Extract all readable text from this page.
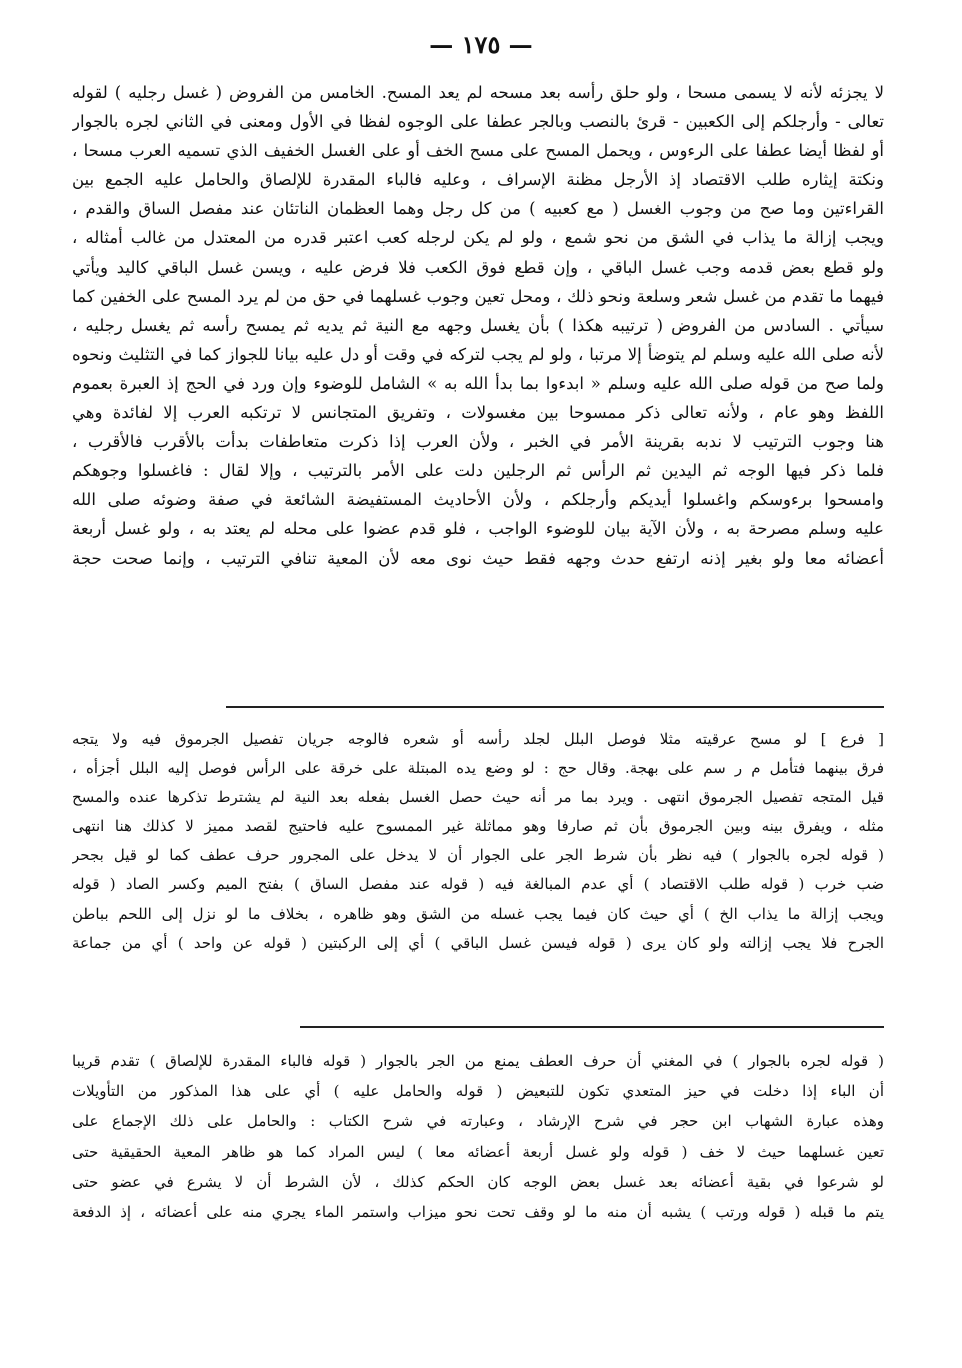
— ١٧٥ —
لا يجزئه لأنه لا يسمى مسحا ، ولو حلق رأسه بعد مسحه لم يعد المسح. الخامس من الفروض ( غسل رجليه ) لقوله
تعالى - وأرجلكم إلى الكعبين - قرئ بالنصب وبالجر عطفا على الوجوه لفظا في الأول ومعنى في الثاني لجره بالجوار
أو لفظا أيضا عطفا على الرءوس ، ويحمل المسح على مسح الخف أو على الغسل الخفيف الذي تسميه العرب مسحا ،
ونكتة إيثاره طلب الاقتصاد إذ الأرجل مظنة الإسراف ، وعليه فالباء المقدرة للإلصاق والحامل عليه الجمع بين
القراءتين وما صح من وجوب الغسل ( مع كعبيه ) من كل رجل وهما العظمان الناتئان عند مفصل الساق والقدم ،
ويجب إزالة ما يذاب في الشق من نحو شمع ، ولو لم يكن لرجله كعب اعتبر قدره من المعتدل من غالب أمثاله ،
ولو قطع بعض قدمه وجب غسل الباقي ، وإن قطع فوق الكعب فلا فرض عليه ، ويسن غسل الباقي كاليد ويأتي
فيهما ما تقدم من غسل شعر وسلعة ونحو ذلك ، ومحل تعين وجوب غسلهما في حق من لم يرد المسح على الخفين كما
سيأتي . السادس من الفروض ( ترتيبه هكذا ) بأن يغسل وجهه مع النية ثم يديه ثم يمسح رأسه ثم يغسل رجليه ،
لأنه صلى الله عليه وسلم لم يتوضأ إلا مرتبا ، ولو لم يجب لتركه في وقت أو دل عليه بيانا للجواز كما في التثليث ونحوه
ولما صح من قوله صلى الله عليه وسلم « ابدءوا بما بدأ الله به » الشامل للوضوء وإن ورد في الحج إذ العبرة بعموم
اللفظ وهو عام ، ولأنه تعالى ذكر ممسوحا بين مغسولات ، وتفريق المتجانس لا ترتكبه العرب إلا لفائدة وهي
هنا وجوب الترتيب لا ندبه بقرينة الأمر في الخبر ، ولأن العرب إذا ذكرت متعاطفات بدأت بالأقرب فالأقرب ،
فلما ذكر فيها الوجه ثم اليدين ثم الرأس ثم الرجلين دلت على الأمر بالترتيب ، وإلا لقال : فاغسلوا وجوهكم
وامسحوا برءوسكم واغسلوا أيديكم وأرجلكم ، ولأن الأحاديث المستفيضة الشائعة في صفة وضوئه صلى الله
عليه وسلم مصرحة به ، ولأن الآية بيان للوضوء الواجب ، فلو قدم عضوا على محله لم يعتد به ، ولو غسل أربعة
أعضائه معا ولو بغير إذنه ارتفع حدث وجهه فقط حيث نوى معه لأن المعية تنافي الترتيب ، وإنما صحت حجة
[ فرع ] لو مسح عرقيته مثلا فوصل البلل لجلد رأسه أو شعره فالوجه جريان تفصيل الجرموق فيه ولا يتجه
فرق بينهما فتأمل م ر سم على بهجة. وقال حج : لو وضع يده المبتلة على خرقة على الرأس فوصل إليه البلل أجزأه ،
قيل المتجه تفصيل الجرموق انتهى . ويرد بما مر أنه حيث حصل الغسل بفعله بعد النية لم يشترط تذكرها عنده والمسح
مثله ، ويفرق بينه وبين الجرموق بأن ثم صارفا وهو مماثلة غير الممسوح عليه فاحتيج لقصد مميز لا كذلك هنا انتهى
( قوله لجره بالجوار ) فيه نظر بأن شرط الجر على الجوار أن لا يدخل على المجرور حرف عطف كما لو قيل بجحر
ضب خرب ( قوله طلب الاقتصاد ) أي عدم المبالغة فيه ( قوله عند مفصل الساق ) بفتح الميم وكسر الصاد ( قوله
ويجب إزالة ما يذاب الخ ) أي حيث كان فيما يجب غسله من الشق وهو ظاهره ، بخلاف ما لو نزل إلى اللحم بباطن
الجرح فلا يجب إزالته ولو كان يرى ( قوله فيسن غسل الباقي ) أي إلى الركبتين ( قوله عن واحد ) أي من جماعة
( قوله لجره بالجوار ) في المغني أن حرف العطف يمنع من الجر بالجوار ( قوله فالباء المقدرة للإلصاق ) تقدم قريبا
أن الباء إذا دخلت في حيز المتعدي تكون للتبعيض ( قوله والحامل عليه ) أي على هذا المذكور من التأويلات
وهذه عبارة الشهاب ابن حجر في شرح الإرشاد ، وعبارته في شرح الكتاب : والحامل على ذلك الإجماع على
تعين غسلهما حيث لا خف ( قوله ولو غسل أربعة أعضائه معا ) ليس المراد كما هو ظاهر المعية الحقيقية حتى
لو شرعوا في بقية أعضائه بعد غسل بعض الوجه كان الحكم كذلك ، لأن الشرط أن لا يشرع في عضو حتى
يتم ما قبله ( قوله ورتب ) يشبه أن منه ما لو وقف تحت نحو ميزاب واستمر الماء يجري منه على أعضائه ، إذ الدفعة
